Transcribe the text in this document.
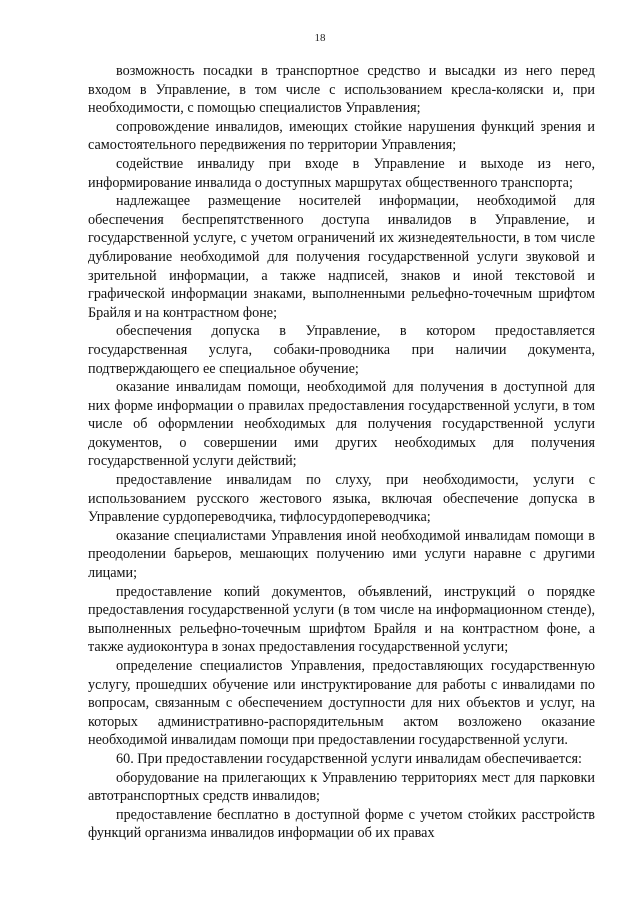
18

возможность посадки в транспортное средство и высадки из него перед входом в Управление, в том числе с использованием кресла-коляски и, при необходимости, с помощью специалистов Управления;

сопровождение инвалидов, имеющих стойкие нарушения функций зрения и самостоятельного передвижения по территории Управления;

содействие инвалиду при входе в Управление и выходе из него, информирование инвалида о доступных маршрутах общественного транспорта;

надлежащее размещение носителей информации, необходимой для обеспечения беспрепятственного доступа инвалидов в Управление, и государственной услуге, с учетом ограничений их жизнедеятельности, в том числе дублирование необходимой для получения государственной услуги звуковой и зрительной информации, а также надписей, знаков и иной текстовой и графической информации знаками, выполненными рельефно-точечным шрифтом Брайля и на контрастном фоне;

обеспечения допуска в Управление, в котором предоставляется государственная услуга, собаки-проводника при наличии документа, подтверждающего ее специальное обучение;

оказание инвалидам помощи, необходимой для получения в доступной для них форме информации о правилах предоставления государственной услуги, в том числе об оформлении необходимых для получения государственной услуги документов, о совершении ими других необходимых для получения государственной услуги действий;

предоставление инвалидам по слуху, при необходимости, услуги с использованием русского жестового языка, включая обеспечение допуска в Управление сурдопереводчика, тифлосурдопереводчика;

оказание специалистами Управления иной необходимой инвалидам помощи в преодолении барьеров, мешающих получению ими услуги наравне с другими лицами;

предоставление копий документов, объявлений, инструкций о порядке предоставления государственной услуги (в том числе на информационном стенде), выполненных рельефно-точечным шрифтом Брайля и на контрастном фоне, а также аудиоконтура в зонах предоставления государственной услуги;

определение специалистов Управления, предоставляющих государственную услугу, прошедших обучение или инструктирование для работы с инвалидами по вопросам, связанным с обеспечением доступности для них объектов и услуг, на которых административно-распорядительным актом возложено оказание необходимой инвалидам помощи при предоставлении государственной услуги.

60. При предоставлении государственной услуги инвалидам обеспечивается:

оборудование на прилегающих к Управлению территориях мест для парковки автотранспортных средств инвалидов;

предоставление бесплатно в доступной форме с учетом стойких расстройств функций организма инвалидов информации об их правах
